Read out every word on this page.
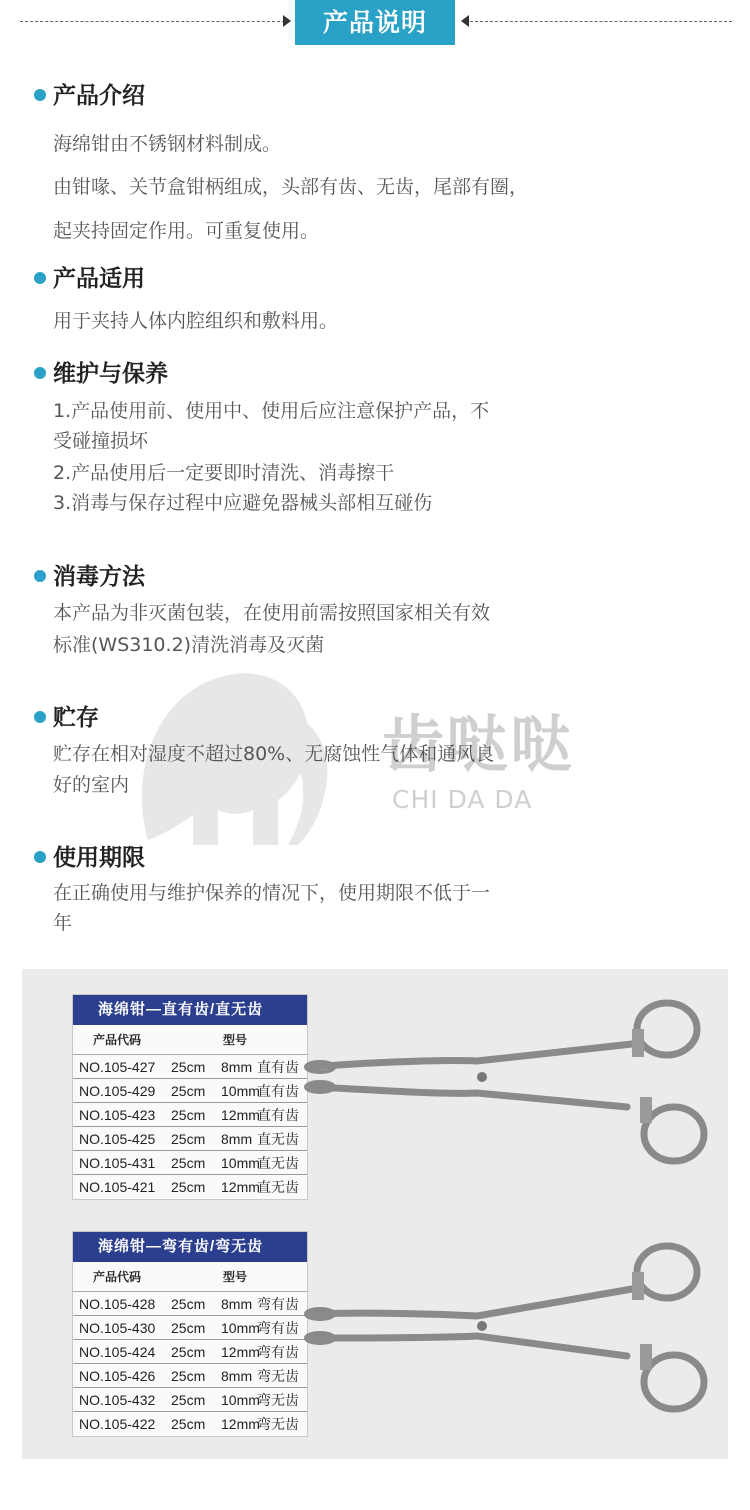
产品说明
齿哒哒
CHI DA DA
产品介绍
海绵钳由不锈钢材料制成。
由钳喙、关节盒钳柄组成，头部有齿、无齿，尾部有圈，
起夹持固定作用。可重复使用。
产品适用
用于夹持人体内腔组织和敷料用。
维护与保养
1.产品使用前、使用中、使用后应注意保护产品，不
受碰撞损坏
2.产品使用后一定要即时清洗、消毒擦干
3.消毒与保存过程中应避免器械头部相互碰伤
消毒方法
本产品为非灭菌包装，在使用前需按照国家相关有效
标准(WS310.2)清洗消毒及灭菌
贮存
贮存在相对湿度不超过80%、无腐蚀性气体和通风良
好的室内
使用期限
在正确使用与维护保养的情况下，使用期限不低于一
年
海绵钳—直有齿/直无齿
产品代码	型号
NO.105-427 25cm 8mm 直有齿
NO.105-429 25cm 10mm
直有齿
NO.105-423 25cm 12mm
直有齿
NO.105-425 25cm 8mm 直无齿
NO.105-431 25cm 10mm
直无齿
NO.105-421 25cm 12mm
直无齿
海绵钳—弯有齿/弯无齿
产品代码	型号
NO.105-428 25cm 8mm 弯有齿
NO.105-430 25cm 10mm
弯有齿
NO.105-424 25cm 12mm
弯有齿
NO.105-426 25cm 8mm 弯无齿
NO.105-432 25cm 10mm
弯无齿
NO.105-422 25cm 12mm
弯无齿
